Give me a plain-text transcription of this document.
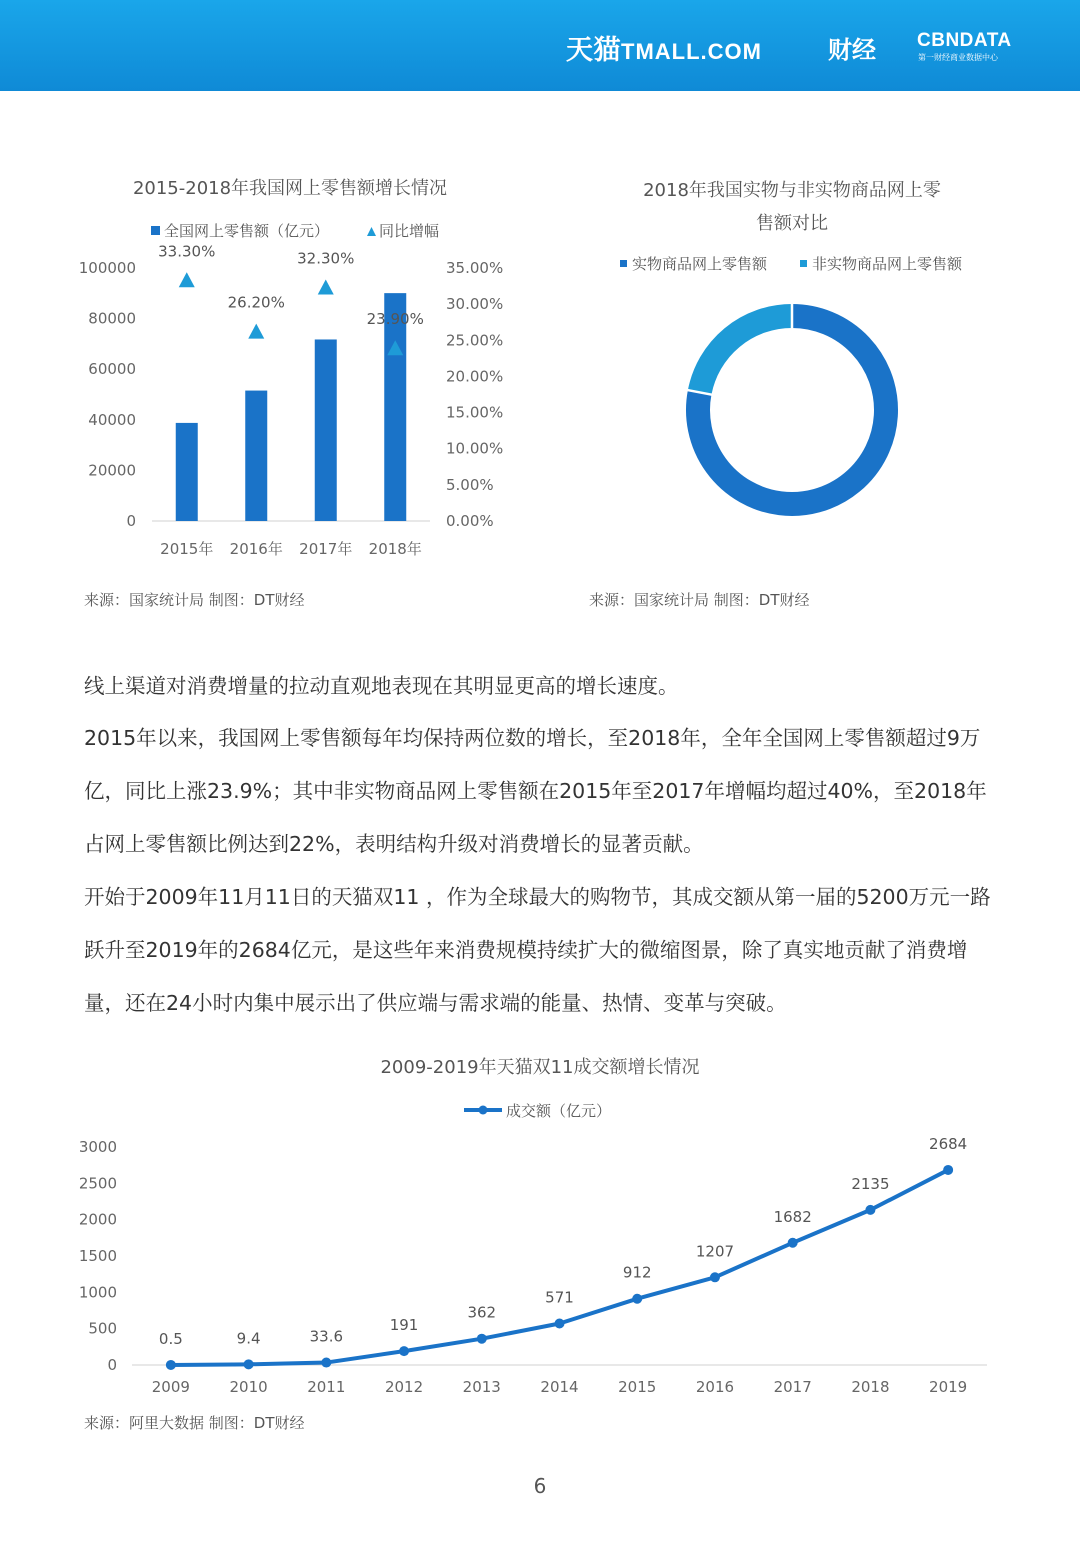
天猫TMALL.COM	财经 CBNDATA
第一财经商业数据中心
2015-2018年我国网上零售额增长情况
全国网上零售额（亿元）	同比增幅
0
20000
40000
60000
80000
100000
0.00%
5.00%
10.00%
15.00%
20.00%
25.00%
30.00%
35.00%
2015年
33.30%
2016年
26.20%
2017年
32.30%
2018年
23.90%
来源：国家统计局 制图：DT财经
2018年我国实物与非实物商品网上零
售额对比
实物商品网上零售额	非实物商品网上零售额
来源：国家统计局 制图：DT财经

线上渠道对消费增量的拉动直观地表现在其明显更高的增长速度。

2015年以来，我国网上零售额每年均保持两位数的增长，至2018年，全年全国网上零售额超过9万亿，同比上涨23.9%；其中非实物商品网上零售额在2015年至2017年增幅均超过40%，至2018年占网上零售额比例达到22%，表明结构升级对消费增长的显著贡献。

开始于2009年11月11日的天猫双11 ，作为全球最大的购物节，其成交额从第一届的5200万元一路跃升至2019年的2684亿元，是这些年来消费规模持续扩大的微缩图景，除了真实地贡献了消费增量，还在24小时内集中展示出了供应端与需求端的能量、热情、变革与突破。

2009-2019年天猫双11成交额增长情况
成交额（亿元）
0
500
1000
1500
2000
2500
3000
0.5
2009
9.4
2010
33.6
2011
191
2012
362
2013
571
2014
912
2015
1207
2016
1682
2017
2135
2018
2684
2019
来源：阿里大数据 制图：DT财经
6
